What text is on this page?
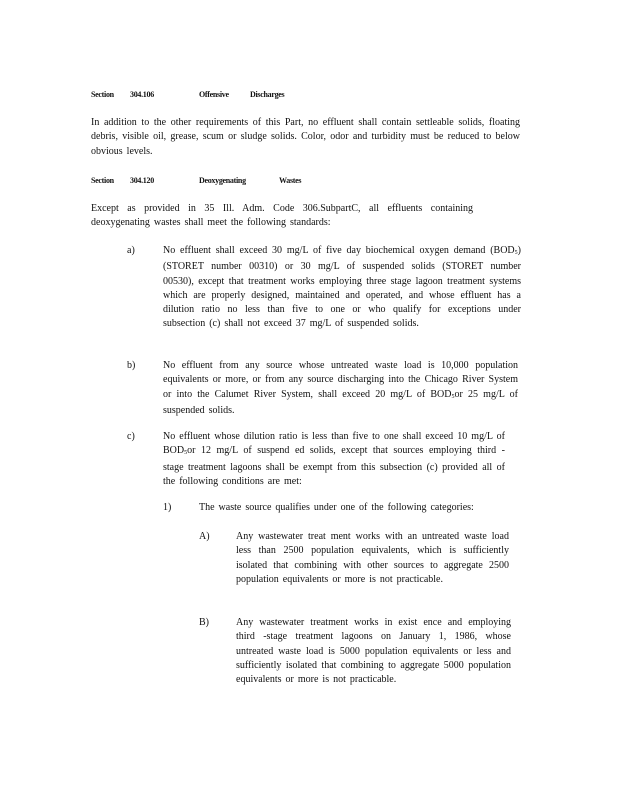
Section	304.106	Offensive	Discharges
In addition to the other requirements of this Part, no effluent shall contain settleable solids, floating debris, visible oil, grease, scum or sludge solids. Color, odor and turbidity must be reduced to below obvious levels.
Section	304.120	Deoxygenating	Wastes
Except as provided in 35 Ill. Adm. Code 306.SubpartC, all effluents containing deoxygenating wastes shall meet the following standards:
a)	No effluent shall exceed 30 mg/L of five day biochemical oxygen demand $(BOD_5)$ (STORET number 00310) or 30 mg/L of suspended solids (STORET number 00530), except that treatment works employing three stage lagoon treatment systems which are properly designed, maintained and operated, and whose effluent has a dilution ratio no less than five to one or who qualify for exceptions under subsection (c) shall not exceed 37 mg/L of suspended solids.
b)	No effluent from any source whose untreated waste load is 10,000 population equivalents or more, or from any source discharging into the Chicago River System or into the Calumet River System, shall exceed 20 mg/L of $BOD_5or$ 25 mg/L of suspended solids.
c)	No effluent whose dilution ratio is less than five to one shall exceed 10 mg/L of $BOD_5or$ 12 mg/L of suspend ed solids, except that sources employing third -stage treatment lagoons shall be exempt from this subsection (c) provided all of the following conditions are met:
1)	The waste source qualifies under one of the following categories:
A)	Any wastewater treat ment works with an untreated waste load less than 2500 population equivalents, which is sufficiently isolated that combining with other sources to aggregate 2500 population equivalents or more is not practicable.
B)	Any wastewater treatment works in exist ence and employing third -stage treatment lagoons on January 1, 1986, whose untreated waste load is 5000 population equivalents or less and sufficiently isolated that combining to aggregate 5000 population equivalents or more is not practicable.
